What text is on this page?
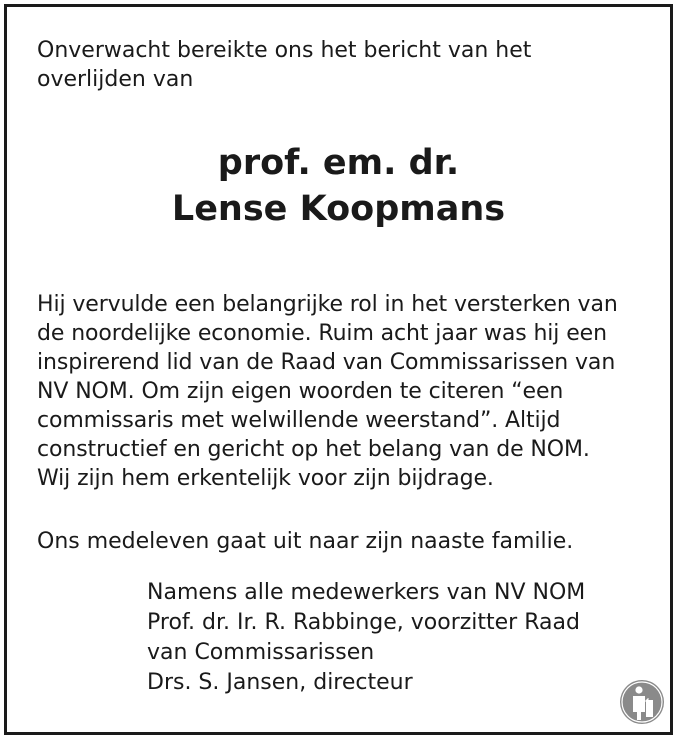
Onverwacht bereikte ons het bericht van het
overlijden van

prof. em. dr.
Lense Koopmans

Hij vervulde een belangrijke rol in het versterken van
de noordelijke economie. Ruim acht jaar was hij een
inspirerend lid van de Raad van Commissarissen van
NV NOM. Om zijn eigen woorden te citeren “een
commissaris met welwillende weerstand”. Altijd
constructief en gericht op het belang van de NOM.
Wij zijn hem erkentelijk voor zijn bijdrage.

Ons medeleven gaat uit naar zijn naaste familie.

Namens alle medewerkers van NV NOM
Prof. dr. Ir. R. Rabbinge, voorzitter Raad
van Commissarissen
Drs. S. Jansen, directeur
